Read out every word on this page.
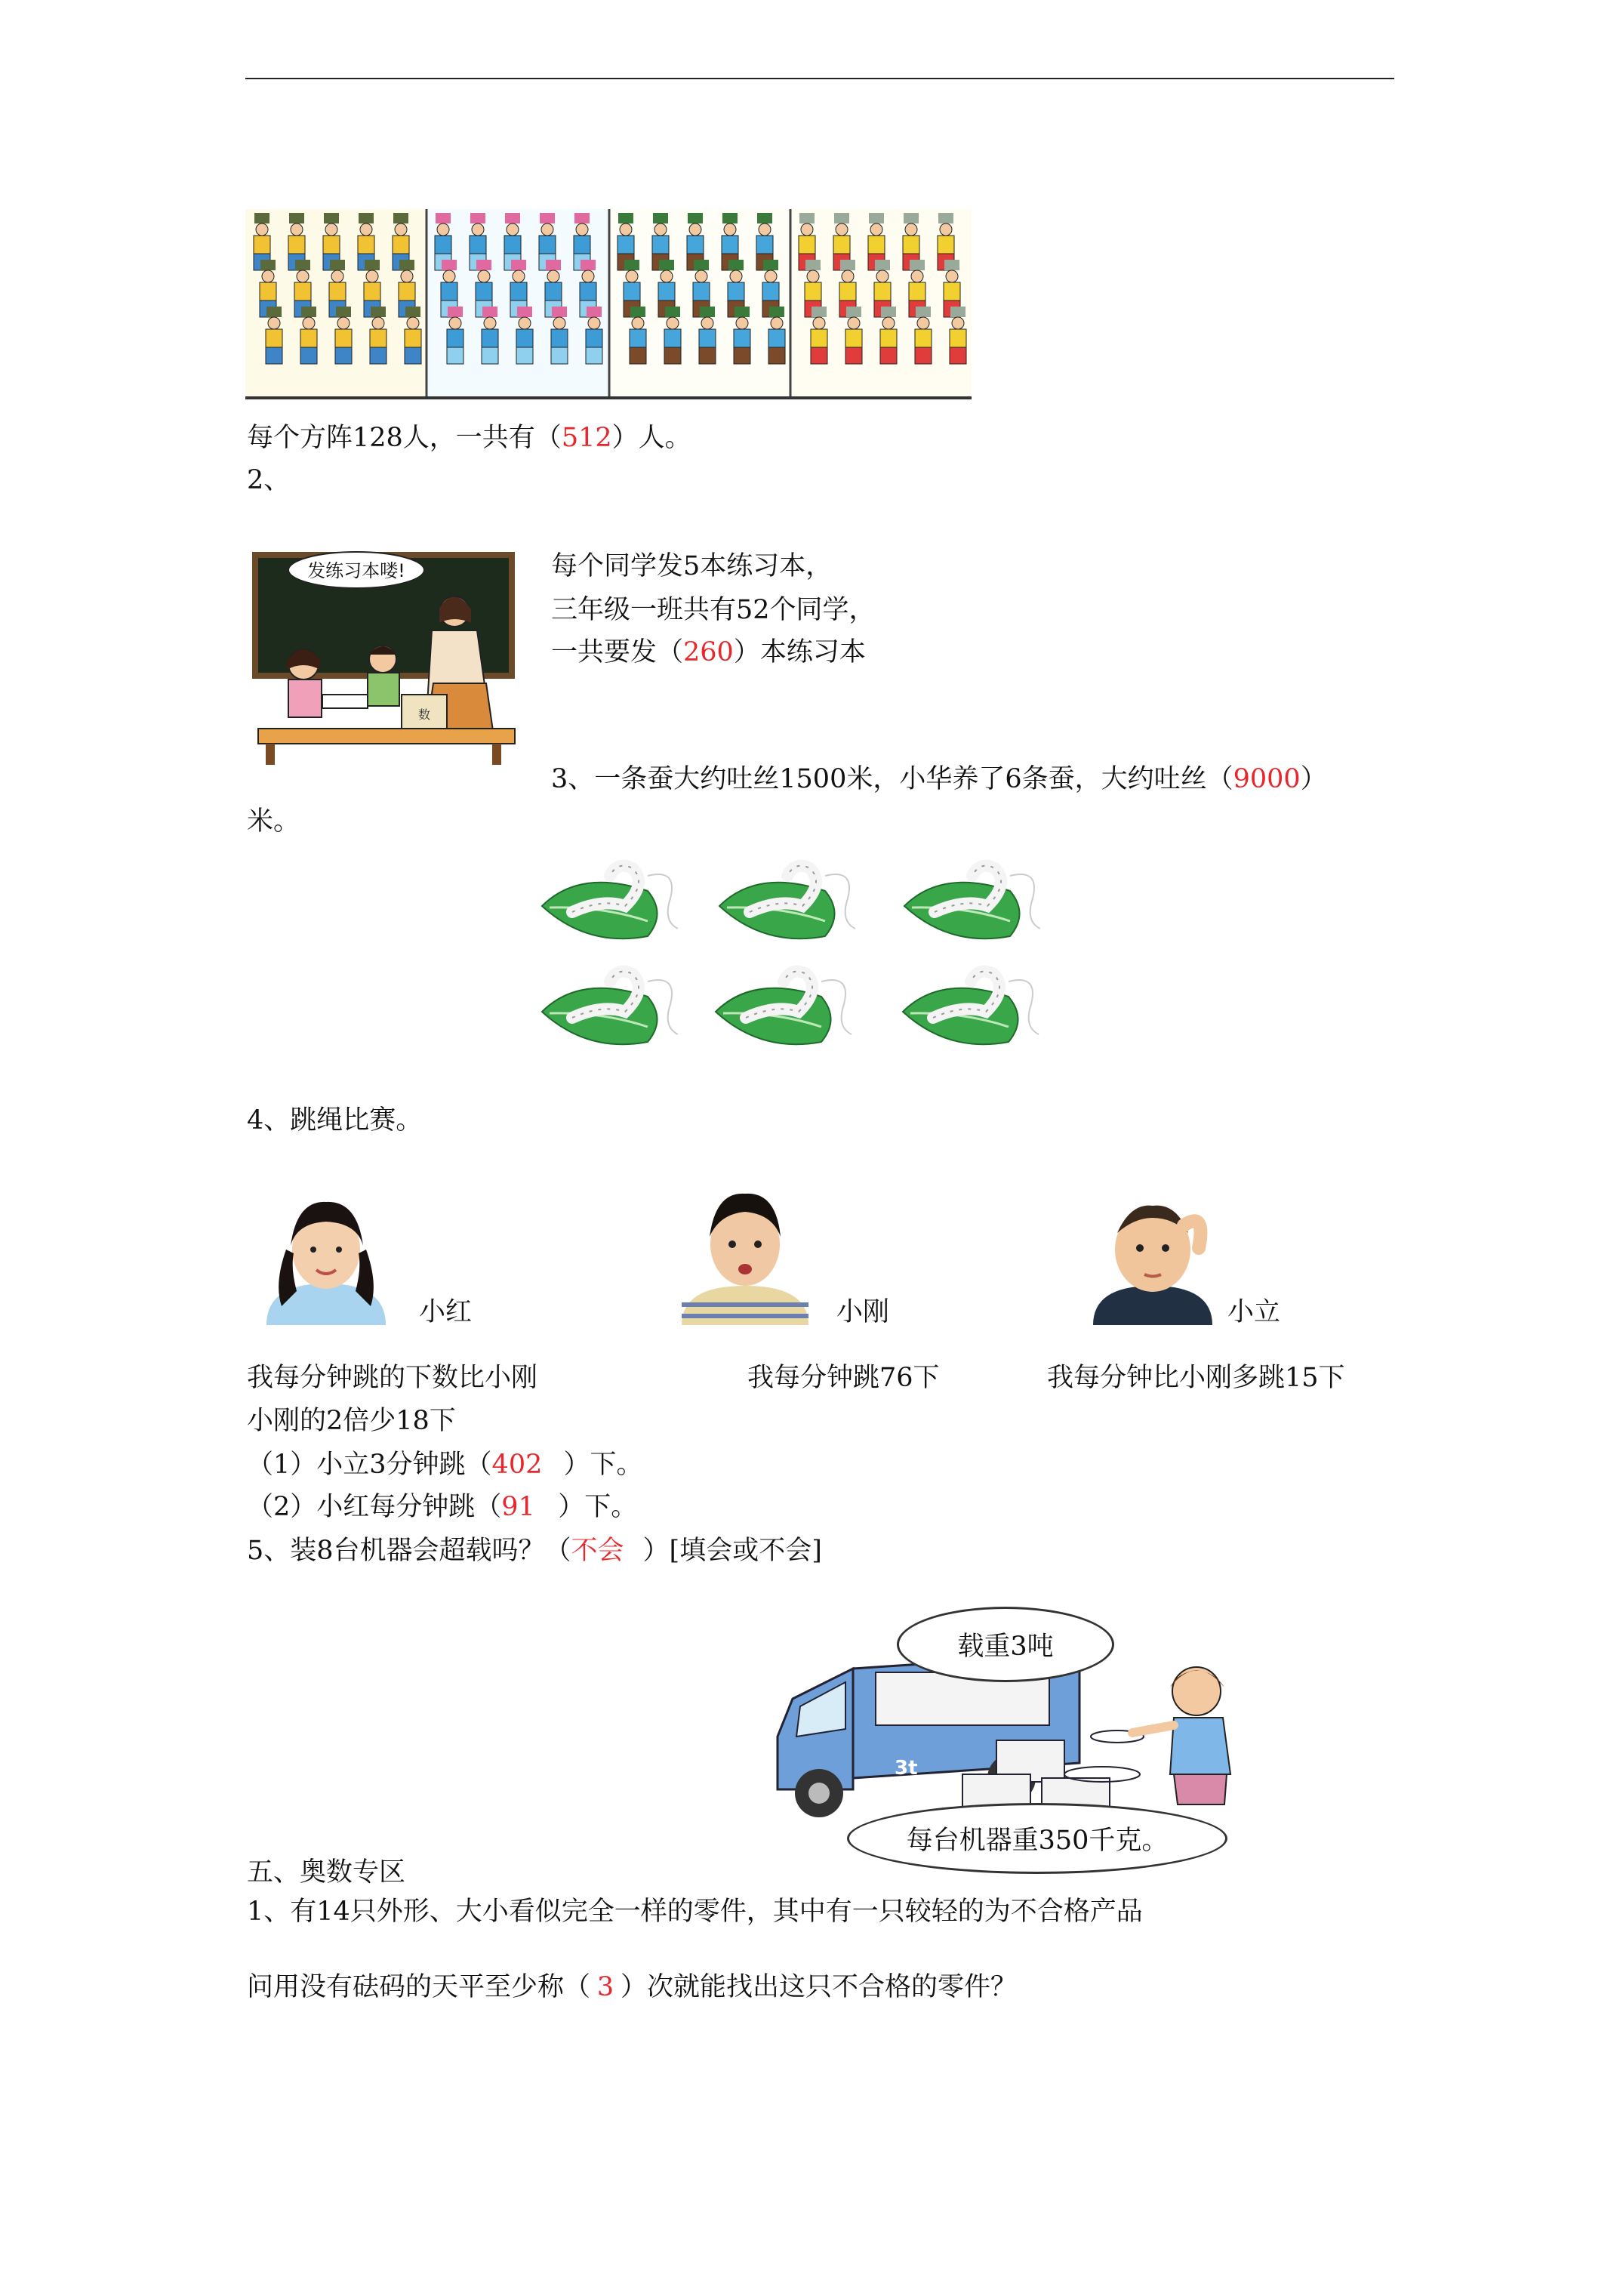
每个方阵128人，一共有（512）人。
2、
发练习本喽!
数
每个同学发5本练习本，
三年级一班共有52个同学，
一共要发（260）本练习本
3、一条蚕大约吐丝1500米，小华养了6条蚕，大约吐丝（9000）
米。
4、跳绳比赛。
小红	小刚	小立
我每分钟跳的下数比小刚	我每分钟跳76下	我每分钟比小刚多跳15下
小刚的2倍少18下
（1）小立3分钟跳（402 ）下。
（2）小红每分钟跳（91 ）下。
5、装8台机器会超载吗？（不会 ）[填会或不会]
3t
载重3吨
每台机器重350千克。
五、奥数专区
1、有14只外形、大小看似完全一样的零件，其中有一只较轻的为不合格产品
问用没有砝码的天平至少称（ 3 ）次就能找出这只不合格的零件？
